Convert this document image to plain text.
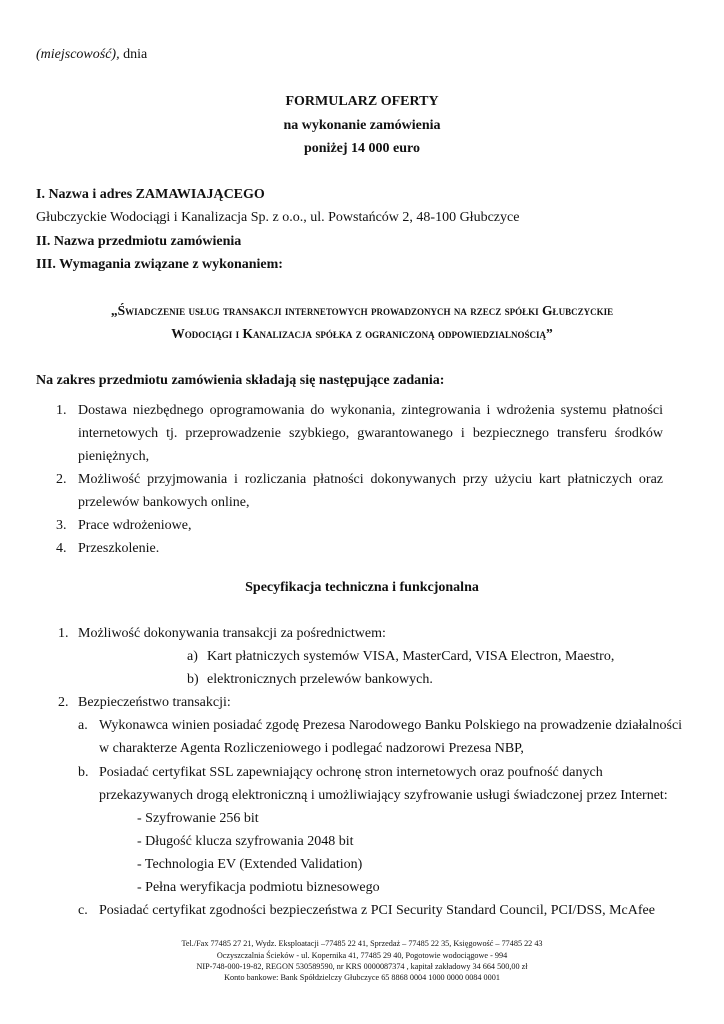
(miejscowość), dnia
FORMULARZ OFERTY
na wykonanie zamówienia
poniżej 14 000 euro
I. Nazwa i adres ZAMAWIAJĄCEGO
Głubczyckie Wodociągi i Kanalizacja Sp. z o.o., ul. Powstańców 2, 48-100 Głubczyce
II. Nazwa przedmiotu zamówienia
III. Wymagania związane z wykonaniem:
„Świadczenie usług transakcji internetowych prowadzonych na rzecz spółki Głubczyckie
Wodociągi i Kanalizacja spółka z ograniczoną odpowiedzialnością”
Na zakres przedmiotu zamówienia składają się następujące zadania:
1. Dostawa niezbędnego oprogramowania do wykonania, zintegrowania i wdrożenia systemu płatności
internetowych tj. przeprowadzenie szybkiego, gwarantowanego i bezpiecznego transferu środków
pieniężnych,
2. Możliwość przyjmowania i rozliczania płatności dokonywanych przy użyciu kart płatniczych oraz
przelewów bankowych online,
3. Prace wdrożeniowe,
4. Przeszkolenie.
Specyfikacja techniczna i funkcjonalna
1. Możliwość dokonywania transakcji za pośrednictwem:
a) Kart płatniczych systemów VISA, MasterCard, VISA Electron, Maestro,
b) elektronicznych przelewów bankowych.
2. Bezpieczeństwo transakcji:
a. Wykonawca winien posiadać zgodę Prezesa Narodowego Banku Polskiego na prowadzenie działalności
w charakterze Agenta Rozliczeniowego i podlegać nadzorowi Prezesa NBP,
b. Posiadać certyfikat SSL zapewniający ochronę stron internetowych oraz poufność danych
przekazywanych drogą elektroniczną i umożliwiający szyfrowanie usługi świadczonej przez Internet:
- Szyfrowanie 256 bit
- Długość klucza szyfrowania 2048 bit
- Technologia EV (Extended Validation)
- Pełna weryfikacja podmiotu biznesowego
c. Posiadać certyfikat zgodności bezpieczeństwa z PCI Security Standard Council, PCI/DSS, McAfee
Tel./Fax 77485 27 21, Wydz. Eksploatacji –77485 22 41, Sprzedaż – 77485 22 35, Księgowość – 77485 22 43
Oczyszczalnia Ścieków - ul. Kopernika 41, 77485 29 40, Pogotowie wodociągowe - 994
NIP-748-000-19-82, REGON 530589590, nr KRS 0000087374 , kapitał zakładowy 34 664 500,00 zł
Konto bankowe: Bank Spółdzielczy Głubczyce 65 8868 0004 1000 0000 0084 0001
